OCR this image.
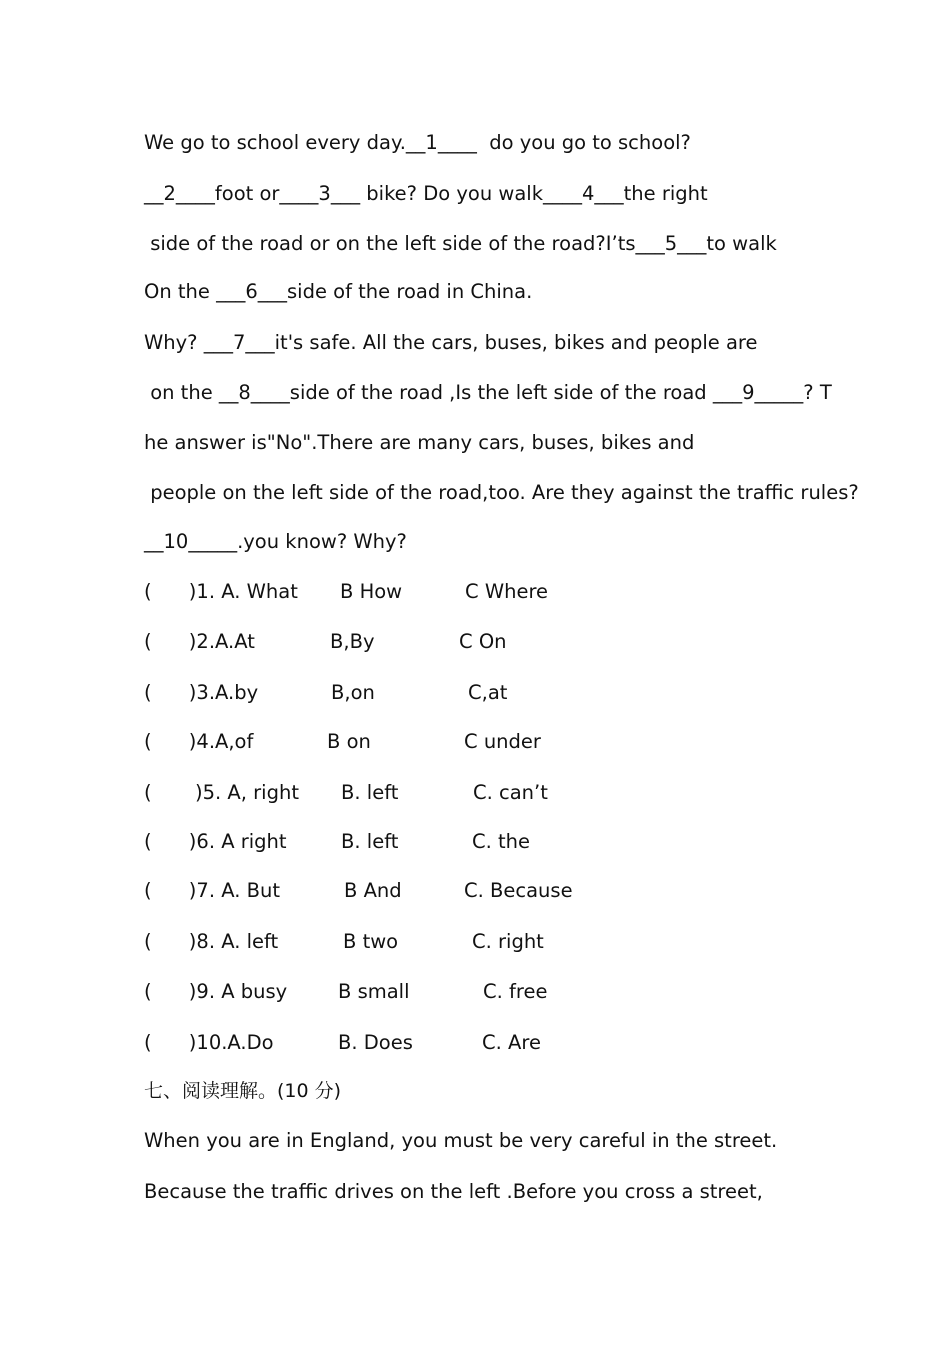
We go to school every day.__1____  do you go to school?
__2____foot or____3___ bike? Do you walk____4___the right
side of the road or on the left side of the road?I’ts___5___to walk
On the ___6___side of the road in China.
Why? ___7___it's safe. All the cars, buses, bikes and people are
on the __8____side of the road ,Is the left side of the road ___9_____? T
he answer is"No".There are many cars, buses, bikes and
people on the left side of the road,too. Are they against the traffic rules?
__10_____.you know? Why?
(      )1. A. What B How	C Where
(      )2.A.At	B,By	C On
(      )3.A.by	B,on	C,at
(      )4.A,of	B on	C under
(       )5. A, right B. left	C. can’t
(      )6. A right	B. left	C. the
(      )7. A. But	B And	C. Because
(      )8. A. left	B two	C. right
(      )9. A busy	B small	C. free
(      )10.A.Do	B. Does	C. Are
七、阅读理解。(10 分)
When you are in England, you must be very careful in the street.
Because the traffic drives on the left .Before you cross a street,
